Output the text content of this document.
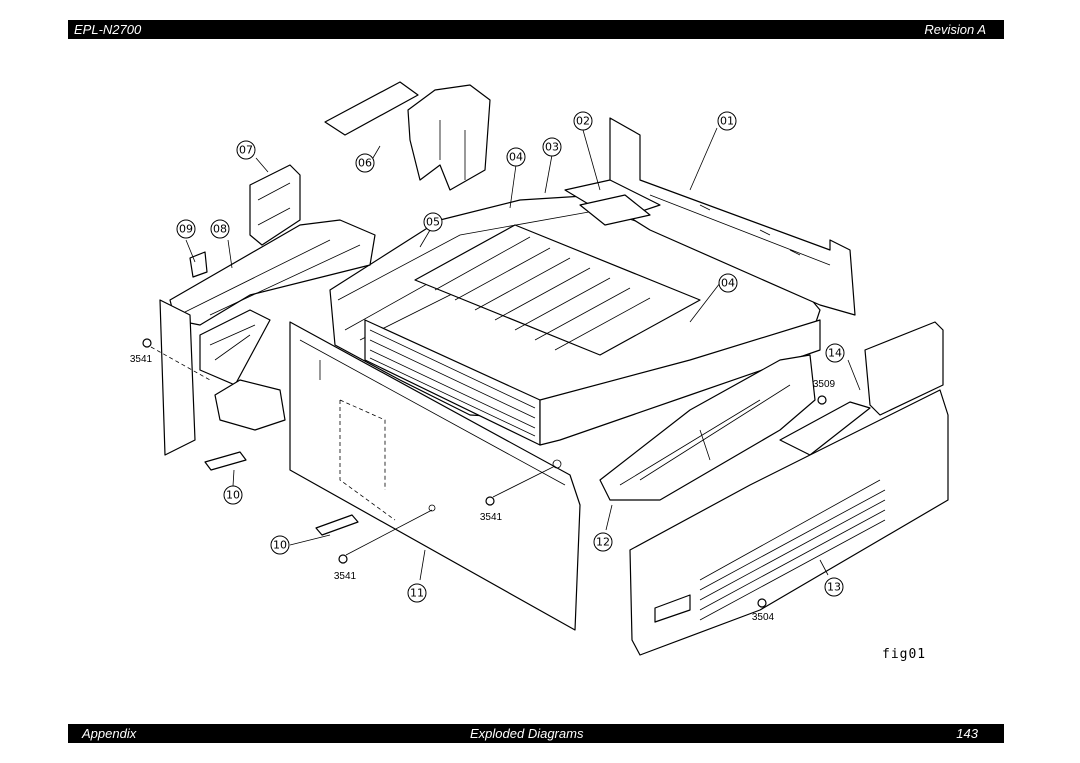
EPL-N2700	Revision A
01
02
03
04
04
05
06
07
08
09
10
10
11
12
13
14
3541
3541
3541
3509
3504
fig01
Appendix	Exploded Diagrams	143
